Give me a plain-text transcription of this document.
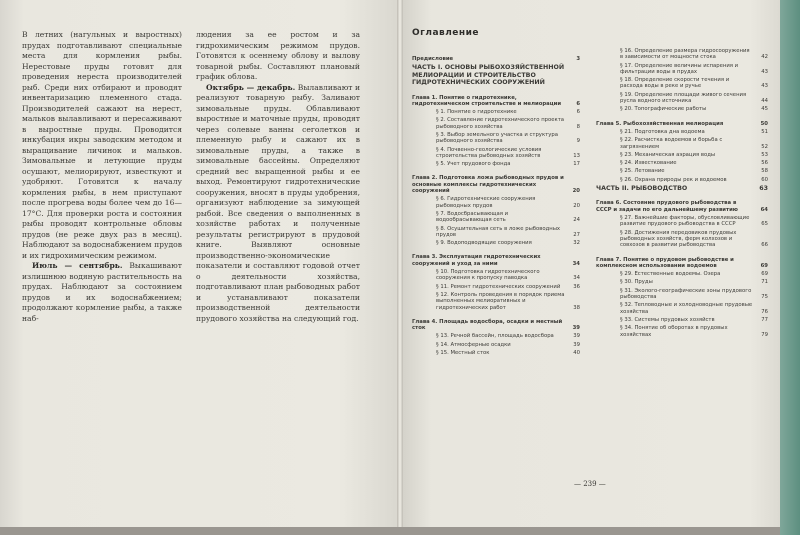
В летних (нагульных и выростных) прудах подготавливают специальные места для кормления рыбы. Нерестовые пруды готовят для проведения нереста производителей рыб. Среди них отбирают и проводят инвентаризацию племенного стада. Производителей сажают на нерест, мальков вылавливают и пересаживают в выростные пруды. Проводится инкубация икры заводским методом и выращивание личинок и мальков. Зимовальные и летующие пруды осушают, мелиорируют, известкуют и удобряют. Готовятся к началу кормления рыбы, в нем приступают после прогрева воды более чем до 16—17°С. Для проверки роста и состояния рыбы проводят контрольные обловы прудов (не реже двух раз в месяц). Наблюдают за водоснабжением прудов и их гидрохимическим режимом.

Июль — сентябрь. Выкашивают излишнюю водяную растительность на прудах. Наблюдают за состоянием прудов и их водоснабжением; продолжают кормление рыбы, а также наб-

людения за ее ростом и за гидрохимическим режимом прудов. Готовятся к осеннему облову и вылову товарной рыбы. Составляют плановый график облова.

Октябрь — декабрь. Вылавливают и реализуют товарную рыбу. Заливают зимовальные пруды. Облавливают выростные и маточные пруды, проводят через солевые ванны сеголетков и племенную рыбу и сажают их в зимовальные пруды, а также в зимовальные бассейны. Определяют средний вес выращенной рыбы и ее выход. Ремонтируют гидротехнические сооружения, вносят в пруды удобрения, организуют наблюдение за зимующей рыбой. Все сведения о выполненных в хозяйстве работах и полученные результаты регистрируют в прудовой книге. Выявляют основные производственно-экономические показатели и составляют годовой отчет о деятельности хозяйства, подготавливают план рыбоводных работ и устанавливают показатели производственной деятельности прудового хозяйства на следующий год.

Оглавление
Предисловие	3
ЧАСТЬ I. ОСНОВЫ РЫБОХОЗЯЙСТВЕННОЙ МЕЛИОРАЦИИ И СТРОИТЕЛЬСТВО ГИДРОТЕХНИЧЕСКИХ СООРУЖЕНИЙ
Глава 1. Понятие о гидротехнике, гидротехническом строительстве и мелиорации	6
§ 1. Понятие о гидротехнике	6
§ 2. Составление гидротехнического проекта рыбоводного хозяйства	8
§ 3. Выбор земельного участка и структура рыбоводного хозяйства	9
§ 4. Почвенно-геологические условия строительства рыбоводных хозяйств	13
§ 5. Учет прудового фонда	17
Глава 2. Подготовка ложа рыбоводных прудов и основные комплексы гидротехнических сооружений	20
§ 6. Гидротехнические сооружения рыбоводных прудов	20
§ 7. Водосбрасывающая и водообрасывающая сеть	24
§ 8. Осушительная сеть в ложе рыбоводных прудов	27
§ 9. Водоподводящие сооружения	32
Глава 3. Эксплуатация гидротехнических сооружений и уход за ними	34
§ 10. Подготовка гидротехнического сооружения к пропуску паводка	34
§ 11. Ремонт гидротехнических сооружений	36
§ 12. Контроль проведения в порядок приема выполненных мелиоративных и гидротехнических работ	38
Глава 4. Площадь водосбора, осадки и местный сток	39
§ 13. Речной бассейн, площадь водосбора	39
§ 14. Атмосферные осадки	39
§ 15. Местный сток	40
§ 16. Определение размера гидросооружения в зависимости от мощности стока	42
§ 17. Определение величины испарения и фильтрации воды в прудах	43
§ 18. Определение скорости течения и расхода воды в реке и ручье	43
§ 19. Определение площади живого сечения русла водного источника	44
§ 20. Топографические работы	45
Глава 5. Рыбохозяйственная мелиорация	50
§ 21. Подготовка дна водоема	51
§ 22. Расчистка водоемов и борьба с загрязнением	52
§ 23. Механическая аэрация воды	53
§ 24. Известкование	56
§ 25. Летование	58
§ 26. Охрана природы рек и водоемов	60
ЧАСТЬ II. РЫБОВОДСТВО	63
Глава 6. Состояние прудового рыбоводства в СССР и задачи по его дальнейшему развитию	64
§ 27. Важнейшие факторы, обусловливающие развитие прудового рыбоводства в СССР	65
§ 28. Достижения передовиков прудовых рыбоводных хозяйств, ферм колхозов и совхозов в развитии рыбоводства	66
Глава 7. Понятие о прудовом рыбоводстве и комплексном использовании водоемов	69
§ 29. Естественные водоемы. Озера	69
§ 30. Пруды	71
§ 31. Эколого-географические зоны прудового рыбоводства	75
§ 32. Тепловодные и холодноводные прудовые хозяйства	76
§ 33. Системы прудовых хозяйств	77
§ 34. Понятие об оборотах в прудовых хозяйствах	79
— 239 —
